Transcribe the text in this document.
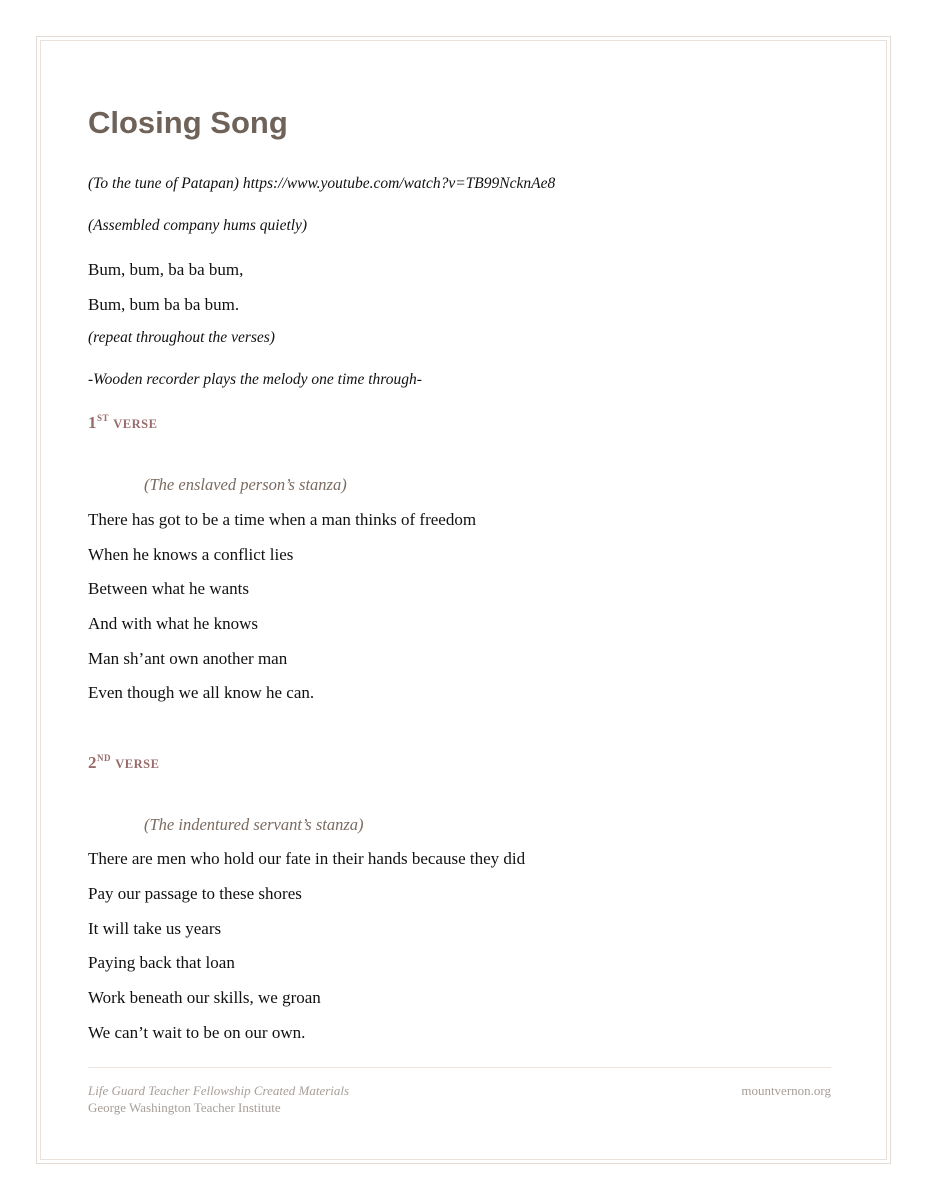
Closing Song
(To the tune of Patapan) https://www.youtube.com/watch?v=TB99NcknAe8
(Assembled company hums quietly)
Bum, bum, ba ba bum,
Bum, bum ba ba bum.
(repeat throughout the verses)
-Wooden recorder plays the melody one time through-
1ST VERSE
(The enslaved person’s stanza)
There has got to be a time when a man thinks of freedom
When he knows a conflict lies
Between what he wants
And with what he knows
Man sh’ant own another man
Even though we all know he can.
2ND VERSE
(The indentured servant’s stanza)
There are men who hold our fate in their hands because they did
Pay our passage to these shores
It will take us years
Paying back that loan
Work beneath our skills, we groan
We can’t wait to be on our own.
Life Guard Teacher Fellowship Created Materials
George Washington Teacher Institute
mountvernon.org
